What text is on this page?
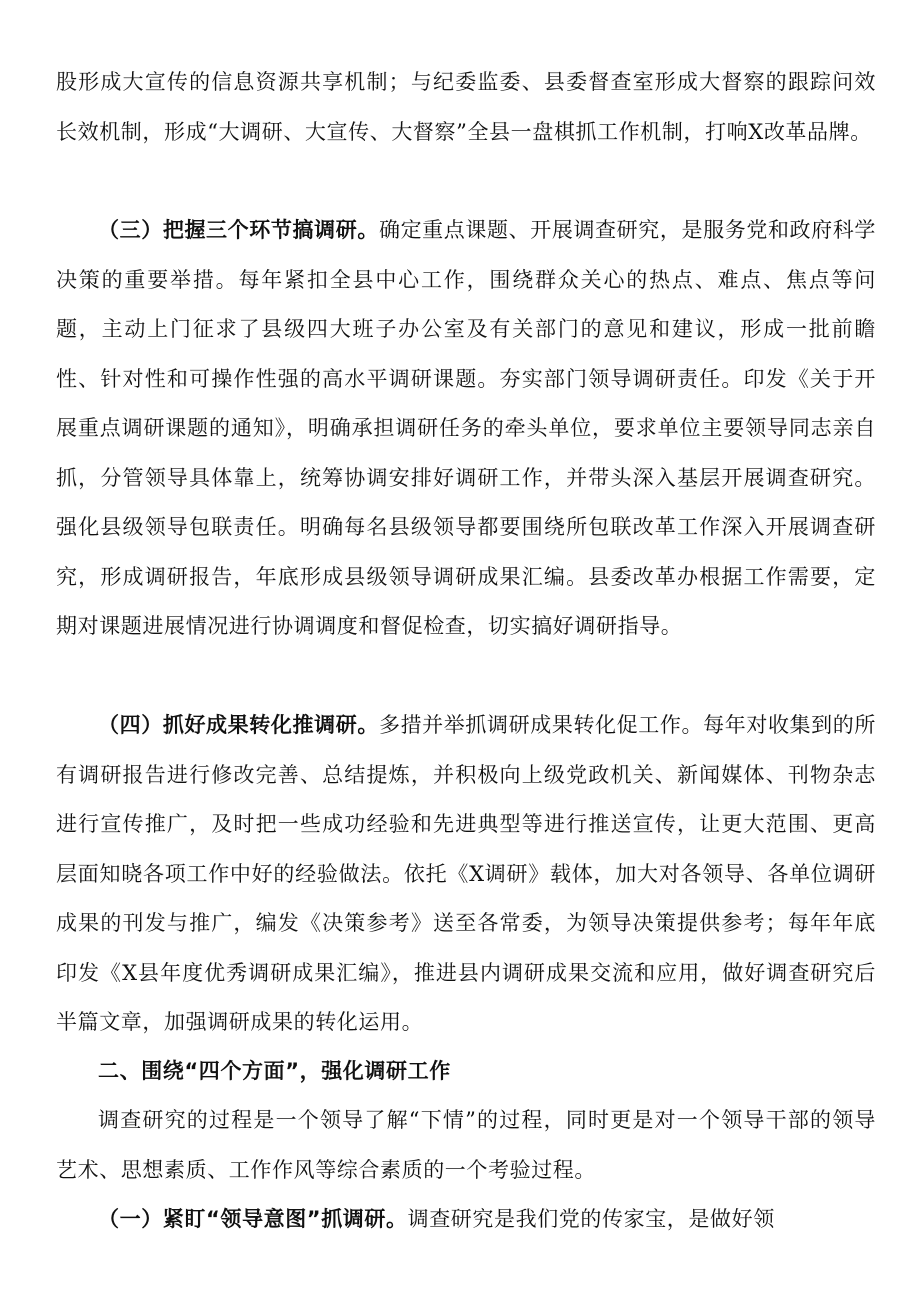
股形成大宣传的信息资源共享机制；与纪委监委、县委督查室形成大督察的跟踪问效长效机制，形成“大调研、大宣传、大督察”全县一盘棋抓工作机制，打响X改革品牌。

（三）把握三个环节搞调研。确定重点课题、开展调查研究，是服务党和政府科学决策的重要举措。每年紧扣全县中心工作，围绕群众关心的热点、难点、焦点等问题，主动上门征求了县级四大班子办公室及有关部门的意见和建议，形成一批前瞻性、针对性和可操作性强的高水平调研课题。夯实部门领导调研责任。印发《关于开展重点调研课题的通知》，明确承担调研任务的牵头单位，要求单位主要领导同志亲自抓，分管领导具体靠上，统筹协调安排好调研工作，并带头深入基层开展调查研究。强化县级领导包联责任。明确每名县级领导都要围绕所包联改革工作深入开展调查研究，形成调研报告，年底形成县级领导调研成果汇编。县委改革办根据工作需要，定期对课题进展情况进行协调调度和督促检查，切实搞好调研指导。

（四）抓好成果转化推调研。多措并举抓调研成果转化促工作。每年对收集到的所有调研报告进行修改完善、总结提炼，并积极向上级党政机关、新闻媒体、刊物杂志进行宣传推广，及时把一些成功经验和先进典型等进行推送宣传，让更大范围、更高层面知晓各项工作中好的经验做法。依托《X调研》载体，加大对各领导、各单位调研成果的刊发与推广，编发《决策参考》送至各常委，为领导决策提供参考；每年年底印发《X县年度优秀调研成果汇编》，推进县内调研成果交流和应用，做好调查研究后半篇文章，加强调研成果的转化运用。

二、围绕“四个方面”，强化调研工作

调查研究的过程是一个领导了解“下情”的过程，同时更是对一个领导干部的领导艺术、思想素质、工作作风等综合素质的一个考验过程。

（一）紧盯“领导意图”抓调研。调查研究是我们党的传家宝，是做好领
